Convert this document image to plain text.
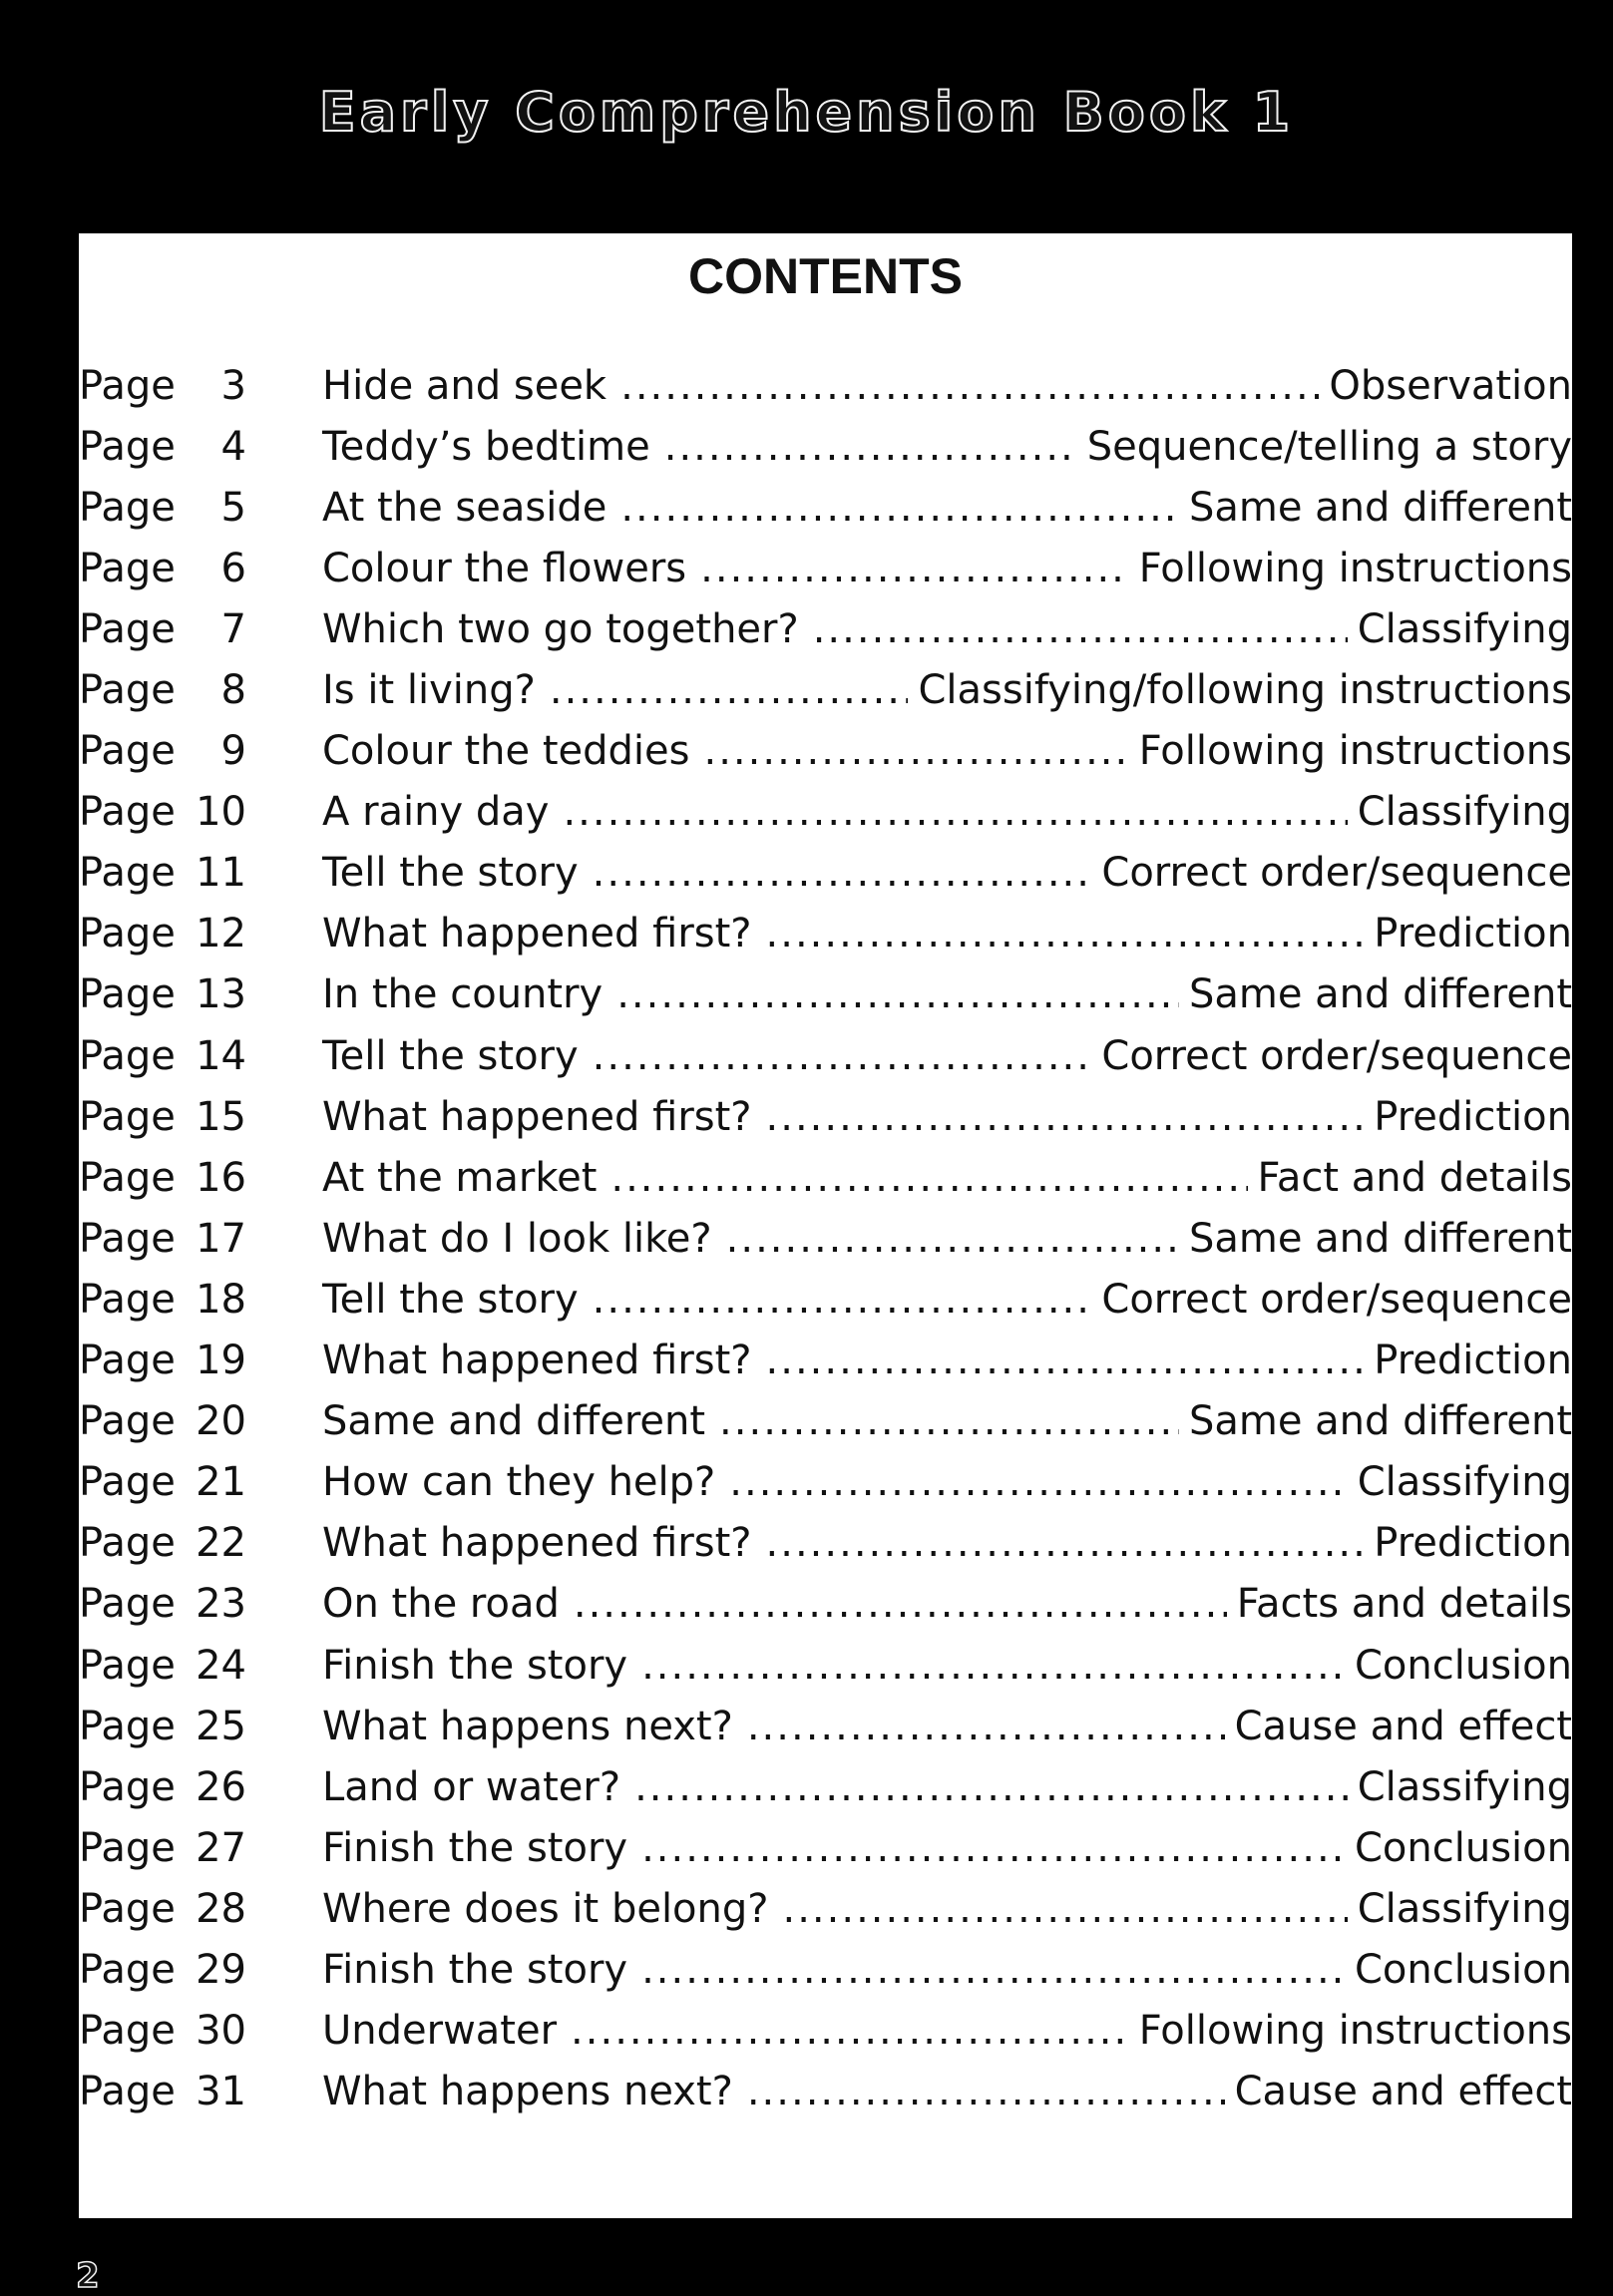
Early Comprehension Book 1
CONTENTS
Page	3 Hide and seek .....	Observation
Page	4 Teddy’s bedtime .....	Sequence/telling a story
Page	5 At the seaside .....	Same and different
Page	6 Colour the flowers .....	Following instructions
Page	7 Which two go together? .....	Classifying
Page	8 Is it living? .....	Classifying/following instructions
Page	9 Colour the teddies .....	Following instructions
Page 10 A rainy day .....	Classifying
Page 11 Tell the story .....	Correct order/sequence
Page 12 What happened first? .....	Prediction
Page 13 In the country .....	Same and different
Page 14 Tell the story .....	Correct order/sequence
Page 15 What happened first? .....	Prediction
Page 16 At the market .....	Fact and details
Page 17 What do I look like? .....	Same and different
Page 18 Tell the story .....	Correct order/sequence
Page 19 What happened first? .....	Prediction
Page 20 Same and different .....	Same and different
Page 21 How can they help? .....	Classifying
Page 22 What happened first? .....	Prediction
Page 23 On the road .....	Facts and details
Page 24 Finish the story .....	Conclusion
Page 25 What happens next? .....	Cause and effect
Page 26 Land or water? .....	Classifying
Page 27 Finish the story .....	Conclusion
Page 28 Where does it belong? .....	Classifying
Page 29 Finish the story .....	Conclusion
Page 30 Underwater .....	Following instructions
Page 31 What happens next? .....	Cause and effect
2
